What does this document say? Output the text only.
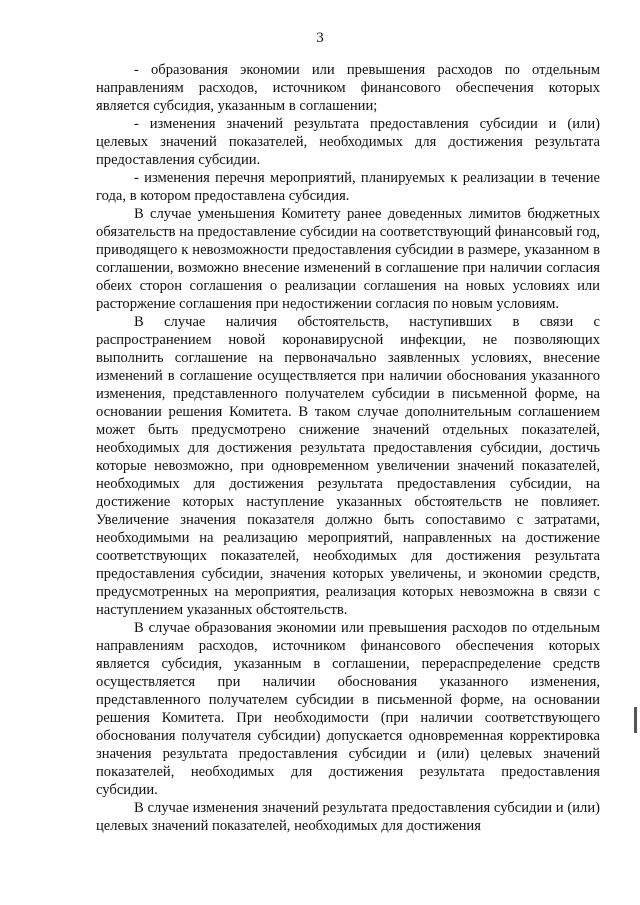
3

- образования экономии или превышения расходов по отдельным направлениям расходов, источником финансового обеспечения которых является субсидия, указанным в соглашении;

- изменения значений результата предоставления субсидии и (или) целевых значений показателей, необходимых для достижения результата предоставления субсидии.

- изменения перечня мероприятий, планируемых к реализации в течение года, в котором предоставлена субсидия.

В случае уменьшения Комитету ранее доведенных лимитов бюджетных обязательств на предоставление субсидии на соответствующий финансовый год, приводящего к невозможности предоставления субсидии в размере, указанном в соглашении, возможно внесение изменений в соглашение при наличии согласия обеих сторон соглашения о реализации соглашения на новых условиях или расторжение соглашения при недостижении согласия по новым условиям.

В случае наличия обстоятельств, наступивших в связи с распространением новой коронавирусной инфекции, не позволяющих выполнить соглашение на первоначально заявленных условиях, внесение изменений в соглашение осуществляется при наличии обоснования указанного изменения, представленного получателем субсидии в письменной форме, на основании решения Комитета. В таком случае дополнительным соглашением может быть предусмотрено снижение значений отдельных показателей, необходимых для достижения результата предоставления субсидии, достичь которые невозможно, при одновременном увеличении значений показателей, необходимых для достижения результата предоставления субсидии, на достижение которых наступление указанных обстоятельств не повлияет. Увеличение значения показателя должно быть сопоставимо с затратами, необходимыми на реализацию мероприятий, направленных на достижение соответствующих показателей, необходимых для достижения результата предоставления субсидии, значения которых увеличены, и экономии средств, предусмотренных на мероприятия, реализация которых невозможна в связи с наступлением указанных обстоятельств.

В случае образования экономии или превышения расходов по отдельным направлениям расходов, источником финансового обеспечения которых является субсидия, указанным в соглашении, перераспределение средств осуществляется при наличии обоснования указанного изменения, представленного получателем субсидии в письменной форме, на основании решения Комитета. При необходимости (при наличии соответствующего обоснования получателя субсидии) допускается одновременная корректировка значения результата предоставления субсидии и (или) целевых значений показателей, необходимых для достижения результата предоставления субсидии.

В случае изменения значений результата предоставления субсидии и (или) целевых значений показателей, необходимых для достижения
